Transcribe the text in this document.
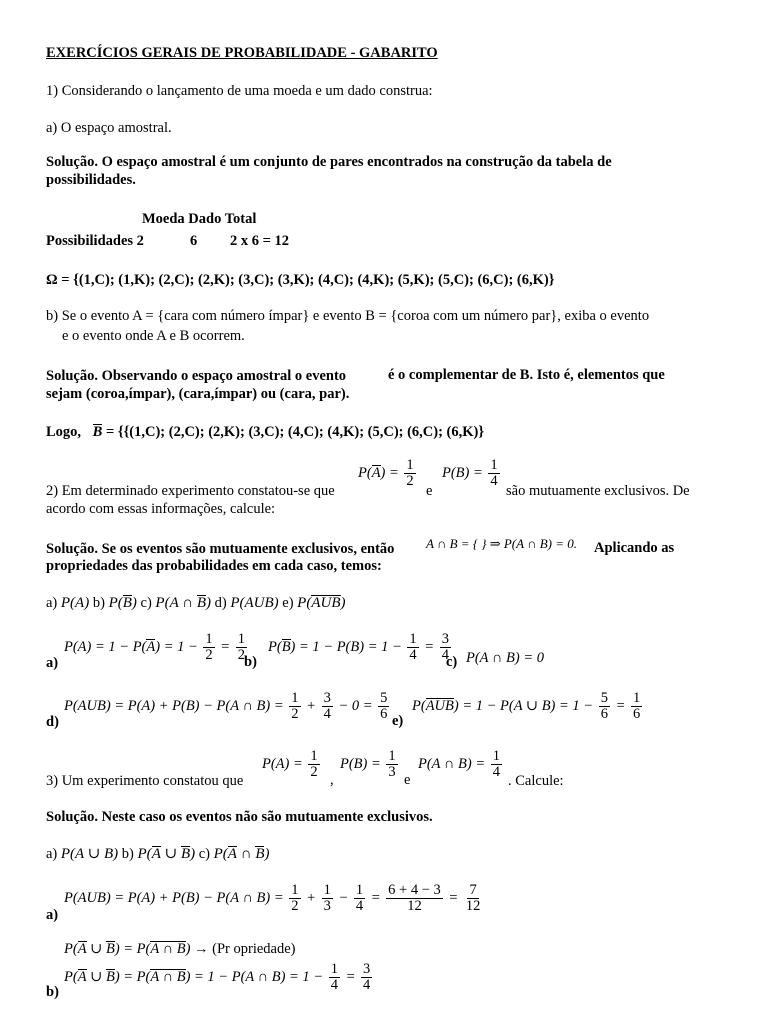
EXERCÍCIOS GERAIS DE PROBABILIDADE - GABARITO
1) Considerando o lançamento de uma moeda e um dado construa:
a) O espaço amostral.
Solução. O espaço amostral é um conjunto de pares encontrados na construção da tabela de
possibilidades.
Moeda Dado Total
Possibilidades 2	6 2 x 6 = 12
Ω = {(1,C); (1,K); (2,C); (2,K); (3,C); (3,K); (4,C); (4,K); (5,K); (5,C); (6,C); (6,K)}
b) Se o evento A = {cara com número ímpar} e evento B = {coroa com um número par}, exiba o evento
e o evento onde A e B ocorrem.
Solução. Observando o espaço amostral o evento	é o complementar de B. Isto é, elementos que
sejam (coroa,ímpar), (cara,ímpar) ou (cara, par).
Logo, B = {{(1,C); (2,C); (2,K); (3,C); (4,C); (4,K); (5,C); (6,C); (6,K)}
$P(A) = \frac{1}{2} P(B) = \frac{1}{4}$
2) Em determinado experimento constatou-se que	e	são mutuamente exclusivos. De
acordo com essas informações, calcule:
Solução. Se os eventos são mutuamente exclusivos, então A ∩ B = { } ⇒ P(A ∩ B) = 0. Aplicando as
propriedades das probabilidades em cada caso, temos:
a) P(A) b) P(B) c) P(A ∩ B) d) P(AUB) e) P(AUB)
$P(A) = 1 - P(A) = 1 - \frac{1}{2} = \frac{1}{2}$
a)	b)
$P(B) = 1 - P(B) = 1 - \frac{1}{4} = \frac{3}{4}$
c) P(A ∩ B) = 0
P(AUB) = P(A) + P(B) − P(A ∩ $B) = \frac{1}{2} + \frac{3}{4} - 0 = \frac{5}{6}$
d)	e)
P(AUB) = 1 − P(A ∪ $B) = 1 - \frac{5}{6} = \frac{1}{6}$
$P(A) = \frac{1}{2}$ ,
$P(B) = \frac{1}{3}$ e
P(A ∩ $B) = \frac{1}{4}$
3) Um experimento constatou que	. Calcule:
Solução. Neste caso os eventos não são mutuamente exclusivos.
a) P(A ∪ B) b) P(A ∪ B) c) P(A ∩ B)
P(AUB) = P(A) + P(B) − P(A ∩ $B) = \frac{1}{2} + \frac{1}{3} - \frac{1}{4} = \frac{6 + 4 - 3}{12} = \frac{7}{12}$
a)
P(A ∪ B) = P(A ∩ B) → (Pr opriedade)
P(A ∪ B) = P(A ∩ B) = 1 − P(A ∩ $B) = 1 - \frac{1}{4} = \frac{3}{4}$
b)
